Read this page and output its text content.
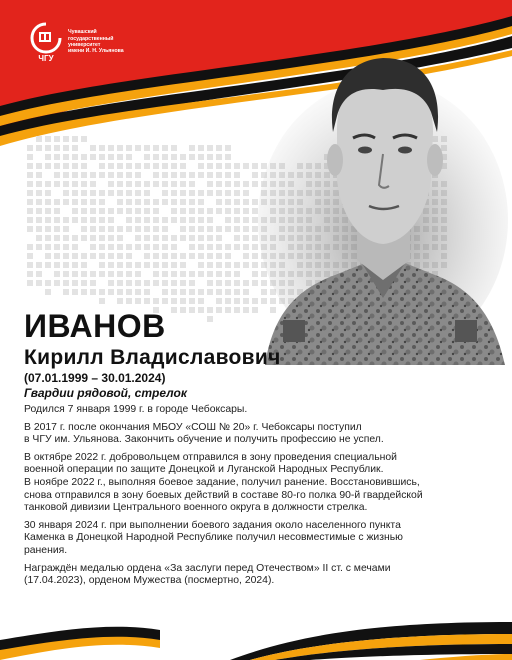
ЧГУ
Чувашский
государственный
университет
имени И. Н. Ульянова
ИВАНОВ
Кирилл Владиславович
(07.01.1999 – 30.01.2024)
Гвардии рядовой, стрелок

Родился 7 января 1999 г. в городе Чебоксары.

В 2017 г. после окончания МБОУ «СОШ № 20» г. Чебоксары поступил
в ЧГУ им. Ульянова. Закончить обучение и получить профессию не успел.

В октябре 2022 г. добровольцем отправился в зону проведения специальной
военной операции по защите Донецкой и Луганской Народных Республик.
В ноябре 2022 г., выполняя боевое задание, получил ранение. Восстановившись,
снова отправился в зону боевых действий в составе 80-го полка 90-й гвардейской
танковой дивизии Центрального военного округа в должности стрелка.

30 января 2024 г. при выполнении боевого задания около населенного пункта
Каменка в Донецкой Народной Республике получил несовместимые с жизнью
ранения.

Награждён медалью ордена «За заслуги перед Отечеством» II ст. с мечами
(17.04.2023), орденом Мужества (посмертно, 2024).
